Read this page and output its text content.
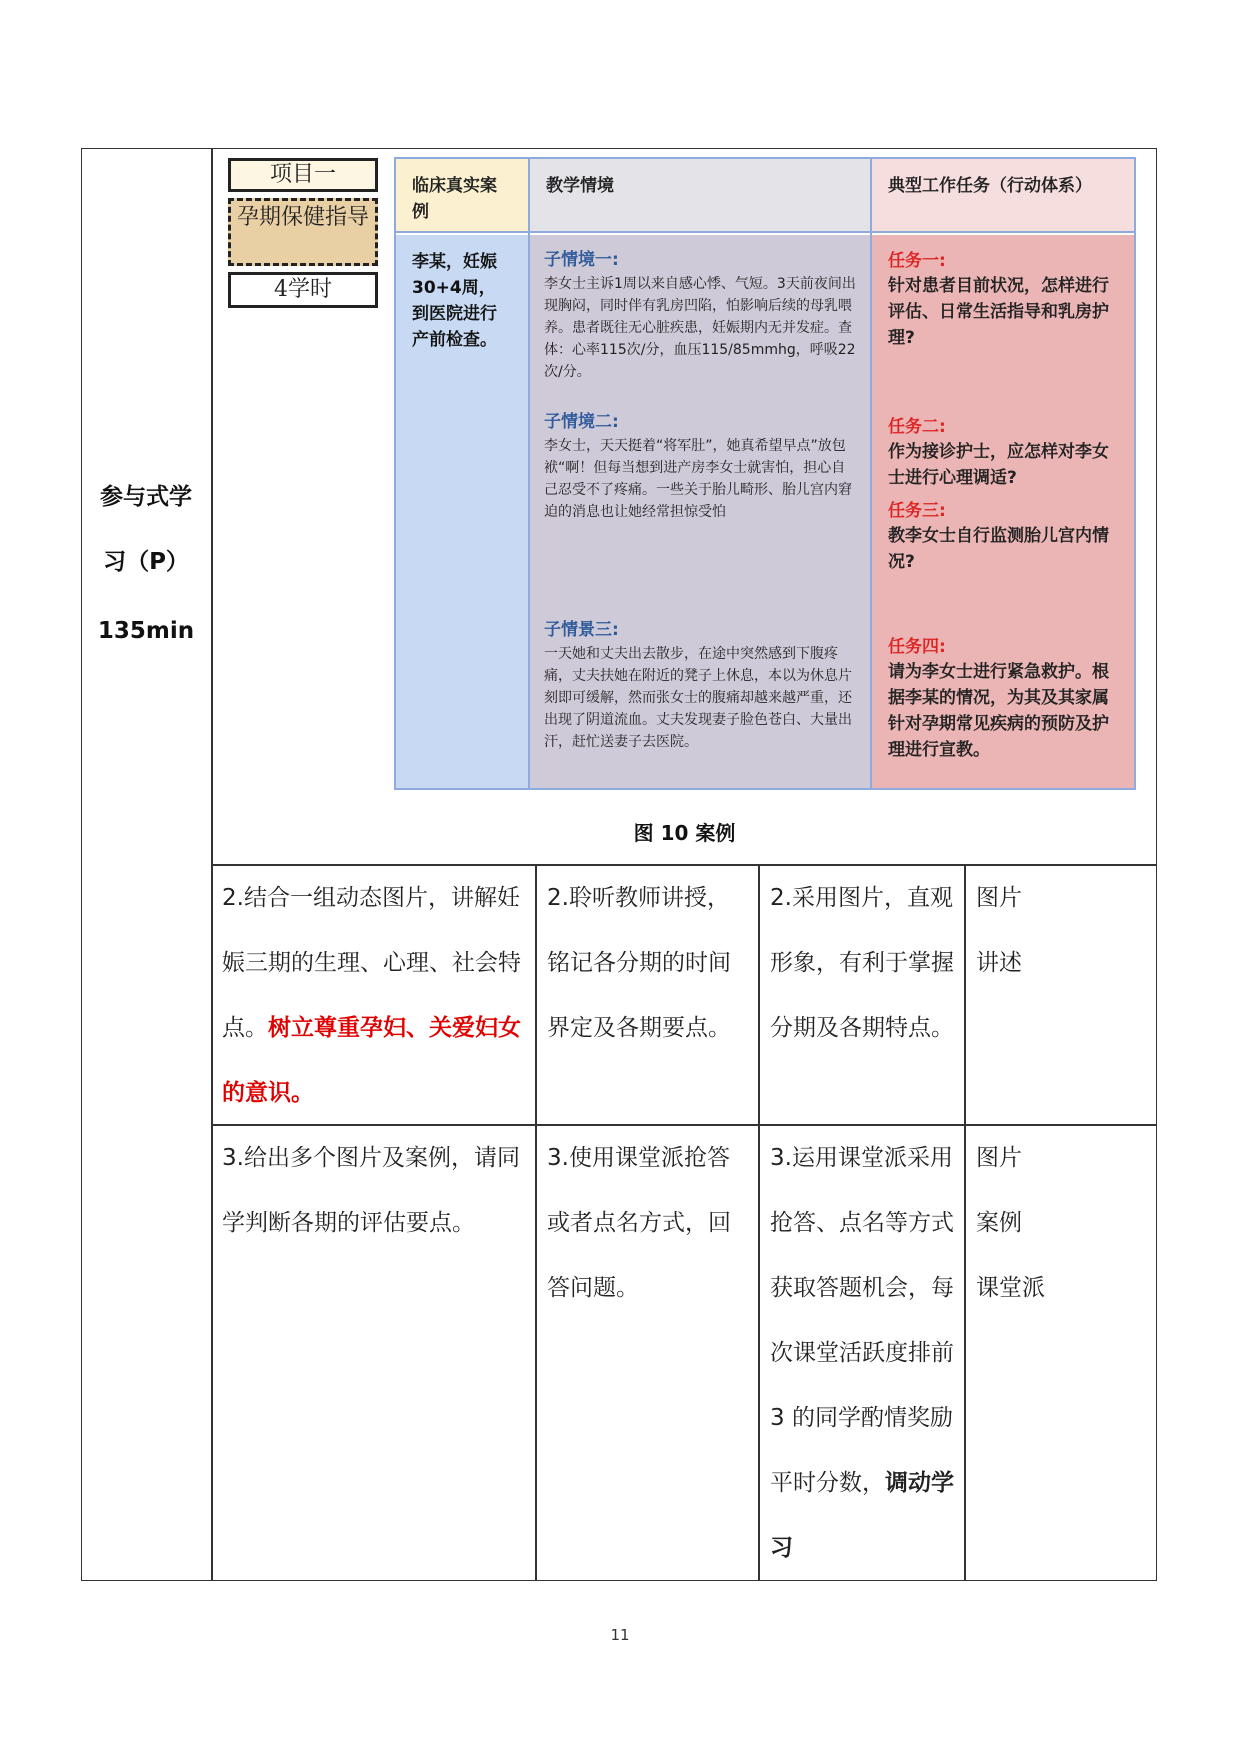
参与式学
习（P）
135min
项目一
孕期保健指导
4学时
临床真实案例
李某，妊娠30+4周，到医院进行产前检查。
教学情境
子情境一:
李女士主诉1周以来自感心悸、气短。3天前夜间出现胸闷，同时伴有乳房凹陷，怕影响后续的母乳喂养。患者既往无心脏疾患，妊娠期内无并发症。查体：心率115次/分，血压115/85mmhg，呼吸22次/分。
子情境二:
李女士，天天挺着“将军肚”，她真希望早点”放包袱“啊！但每当想到进产房李女士就害怕，担心自己忍受不了疼痛。一些关于胎儿畸形、胎儿宫内窘迫的消息也让她经常担惊受怕
子情景三:
一天她和丈夫出去散步，在途中突然感到下腹疼痛，丈夫扶她在附近的凳子上休息，本以为休息片刻即可缓解，然而张女士的腹痛却越来越严重，还出现了阴道流血。丈夫发现妻子脸色苍白、大量出汗，赶忙送妻子去医院。
典型工作任务（行动体系）
任务一:
针对患者目前状况，怎样进行评估、日常生活指导和乳房护理?
任务二:
作为接诊护士，应怎样对李女士进行心理调适?
任务三:
教李女士自行监测胎儿宫内情况?
任务四:
请为李女士进行紧急救护。根据李某的情况，为其及其家属针对孕期常见疾病的预防及护理进行宣教。
图 10 案例
2.结合一组动态图片，讲解妊娠三期的生理、心理、社会特点。树立尊重孕妇、关爱妇女的意识。
2.聆听教师讲授，铭记各分期的时间界定及各期要点。
2.采用图片，直观形象，有利于掌握分期及各期特点。
图片
讲述
3.给出多个图片及案例，请同学判断各期的评估要点。
3.使用课堂派抢答或者点名方式，回答问题。
3.运用课堂派采用抢答、点名等方式获取答题机会，每次课堂活跃度排前 3 的同学酌情奖励平时分数，调动学习
图片
案例
课堂派
11
